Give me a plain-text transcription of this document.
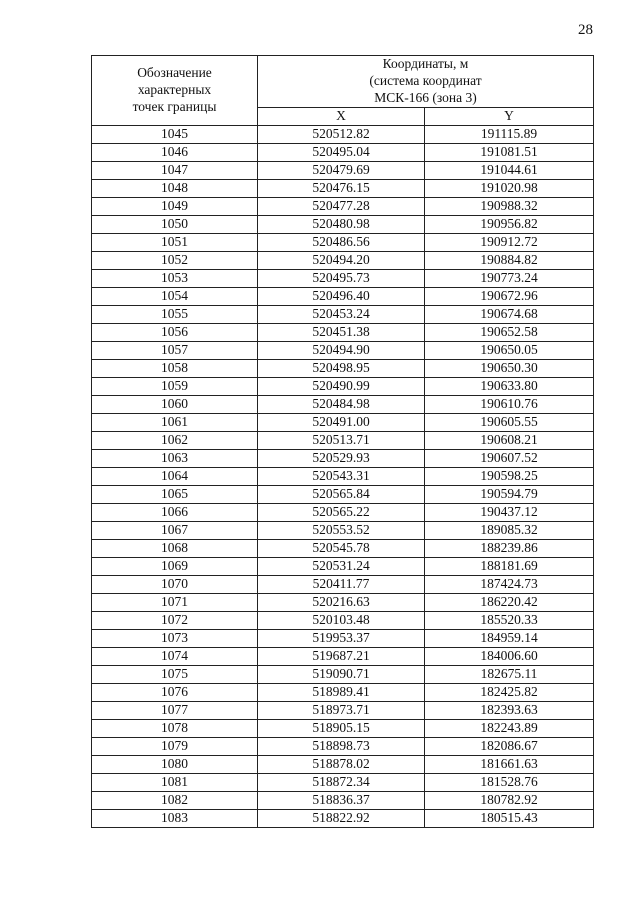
28
Обозначение
характерных
точек границы	Координаты, м
(система координат
МСК-166 (зона 3)	

	X	Y
1045	520512.82	191115.89
1046	520495.04	191081.51
1047	520479.69	191044.61
1048	520476.15	191020.98
1049	520477.28	190988.32
1050	520480.98	190956.82
1051	520486.56	190912.72
1052	520494.20	190884.82
1053	520495.73	190773.24
1054	520496.40	190672.96
1055	520453.24	190674.68
1056	520451.38	190652.58
1057	520494.90	190650.05
1058	520498.95	190650.30
1059	520490.99	190633.80
1060	520484.98	190610.76
1061	520491.00	190605.55
1062	520513.71	190608.21
1063	520529.93	190607.52
1064	520543.31	190598.25
1065	520565.84	190594.79
1066	520565.22	190437.12
1067	520553.52	189085.32
1068	520545.78	188239.86
1069	520531.24	188181.69
1070	520411.77	187424.73
1071	520216.63	186220.42
1072	520103.48	185520.33
1073	519953.37	184959.14
1074	519687.21	184006.60
1075	519090.71	182675.11
1076	518989.41	182425.82
1077	518973.71	182393.63
1078	518905.15	182243.89
1079	518898.73	182086.67
1080	518878.02	181661.63
1081	518872.34	181528.76
1082	518836.37	180782.92
1083	518822.92	180515.43
